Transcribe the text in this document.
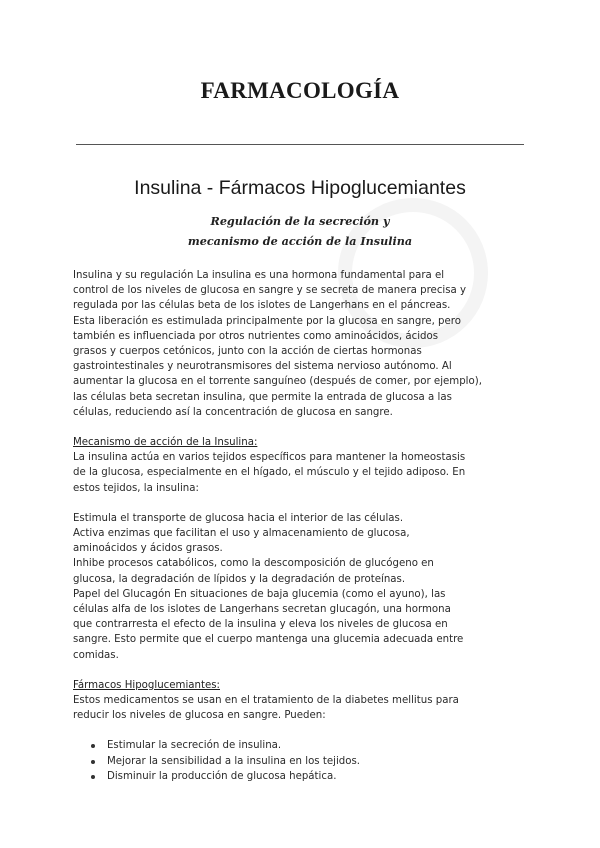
FARMACOLOGÍA
Insulina - Fármacos Hipoglucemiantes
Regulación de la secreción y
mecanismo de acción de la Insulina
Insulina y su regulación La insulina es una hormona fundamental para el
control de los niveles de glucosa en sangre y se secreta de manera precisa y
regulada por las células beta de los islotes de Langerhans en el páncreas.
Esta liberación es estimulada principalmente por la glucosa en sangre, pero
también es influenciada por otros nutrientes como aminoácidos, ácidos
grasos y cuerpos cetónicos, junto con la acción de ciertas hormonas
gastrointestinales y neurotransmisores del sistema nervioso autónomo. Al
aumentar la glucosa en el torrente sanguíneo (después de comer, por ejemplo),
las células beta secretan insulina, que permite la entrada de glucosa a las
células, reduciendo así la concentración de glucosa en sangre.
Mecanismo de acción de la Insulina:
La insulina actúa en varios tejidos específicos para mantener la homeostasis
de la glucosa, especialmente en el hígado, el músculo y el tejido adiposo. En
estos tejidos, la insulina:
Estimula el transporte de glucosa hacia el interior de las células.
Activa enzimas que facilitan el uso y almacenamiento de glucosa,
aminoácidos y ácidos grasos.
Inhibe procesos catabólicos, como la descomposición de glucógeno en
glucosa, la degradación de lípidos y la degradación de proteínas.
Papel del Glucagón En situaciones de baja glucemia (como el ayuno), las
células alfa de los islotes de Langerhans secretan glucagón, una hormona
que contrarresta el efecto de la insulina y eleva los niveles de glucosa en
sangre. Esto permite que el cuerpo mantenga una glucemia adecuada entre
comidas.
Fármacos Hipoglucemiantes:
Estos medicamentos se usan en el tratamiento de la diabetes mellitus para
reducir los niveles de glucosa en sangre. Pueden:
Estimular la secreción de insulina.
Mejorar la sensibilidad a la insulina en los tejidos.
Disminuir la producción de glucosa hepática.
